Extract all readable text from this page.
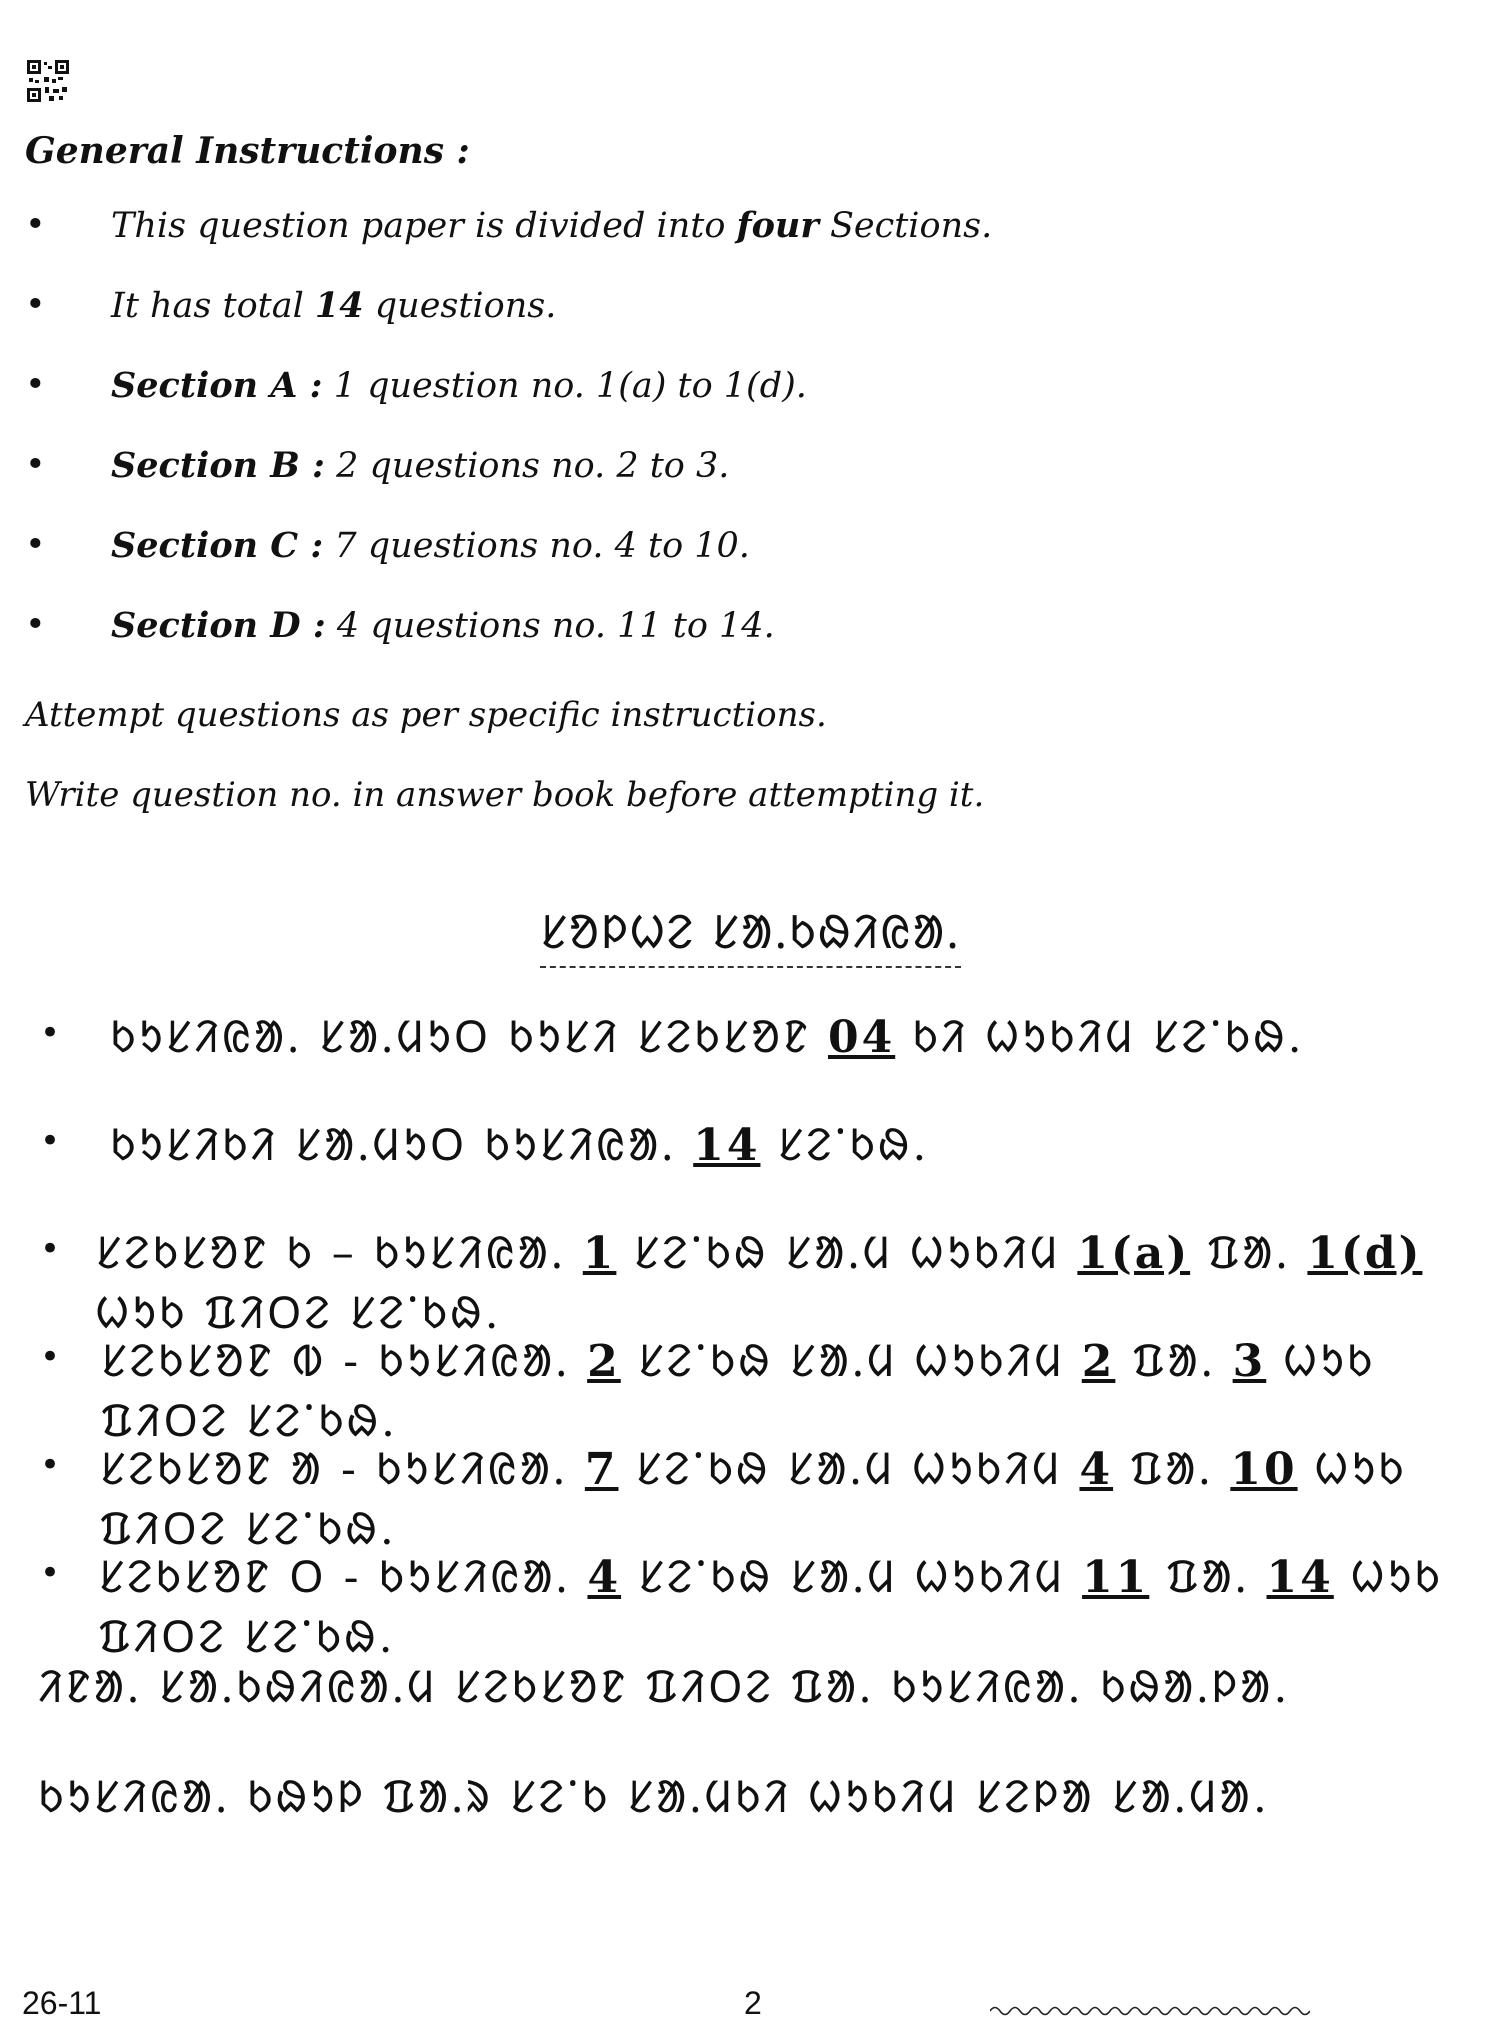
General Instructions :
•	This question paper is divided into four Sections.
•	It has total 14 questions.
•	Section A : 1 question no. 1(a) to 1(d).
•	Section B : 2 questions no. 2 to 3.
•	Section C : 7 questions no. 4 to 10.
•	Section D : 4 questions no. 11 to 14.
Attempt questions as per specific instructions.
Write question no. in answer book before attempting it.
ᱥᱚᱞᱦᱮ ᱥᱟᱹᱠᱷᱤᱭᱟᱹ
•	ᱠᱩᱥᱤᱭᱟᱹ ᱥᱟᱹᱢᱩᱛ ᱠᱩᱥᱤ ᱥᱮᱠᱥᱚᱱ 04 ᱠᱤ ᱦᱩᱠᱤᱢ ᱥᱮᱸᱠᱷ.
•	ᱠᱩᱥᱤᱠᱤ ᱥᱟᱹᱢᱩᱛ ᱠᱩᱥᱤᱭᱟᱹ 14 ᱥᱮᱸᱠᱷ.
• ᱥᱮᱠᱥᱚᱱ ᱠ – ᱠᱩᱥᱤᱭᱟᱹ 1 ᱥᱮᱸᱠᱷ ᱥᱟᱹᱢ ᱦᱩᱠᱤᱢ 1(a) ᱯᱟᱹ 1(d) ᱦᱩᱠ ᱯᱤᱛᱮ ᱥᱮᱸᱠᱷ.
• ᱥᱮᱠᱥᱚᱱ ᱵ - ᱠᱩᱥᱤᱭᱟᱹ 2 ᱥᱮᱸᱠᱷ ᱥᱟᱹᱢ ᱦᱩᱠᱤᱢ 2 ᱯᱟᱹ 3 ᱦᱩᱠ ᱯᱤᱛᱮ ᱥᱮᱸᱠᱷ.
• ᱥᱮᱠᱥᱚᱱ ᱟ - ᱠᱩᱥᱤᱭᱟᱹ 7 ᱥᱮᱸᱠᱷ ᱥᱟᱹᱢ ᱦᱩᱠᱤᱢ 4 ᱯᱟᱹ 10 ᱦᱩᱠ ᱯᱤᱛᱮ ᱥᱮᱸᱠᱷ.
• ᱥᱮᱠᱥᱚᱱ ᱛ - ᱠᱩᱥᱤᱭᱟᱹ 4 ᱥᱮᱸᱠᱷ ᱥᱟᱹᱢ ᱦᱩᱠᱤᱢ 11 ᱯᱟᱹ 14 ᱦᱩᱠ ᱯᱤᱛᱮ ᱥᱮᱸᱠᱷ.
ᱤᱱᱟᱹ ᱥᱟᱹᱠᱷᱤᱭᱟᱹᱢ ᱥᱮᱠᱥᱚᱱ ᱯᱤᱛᱮ ᱯᱟᱹ ᱠᱩᱥᱤᱭᱟᱹ ᱠᱷᱟᱹᱞᱟ.
ᱠᱩᱥᱤᱭᱟᱹ ᱠᱷᱩᱞ ᱯᱟᱹᱨ ᱥᱮᱸᱠ ᱥᱟᱹᱢᱠᱤ ᱦᱩᱠᱤᱢ ᱥᱮᱞᱟ ᱥᱟᱹᱢᱟ.
26-11	2
